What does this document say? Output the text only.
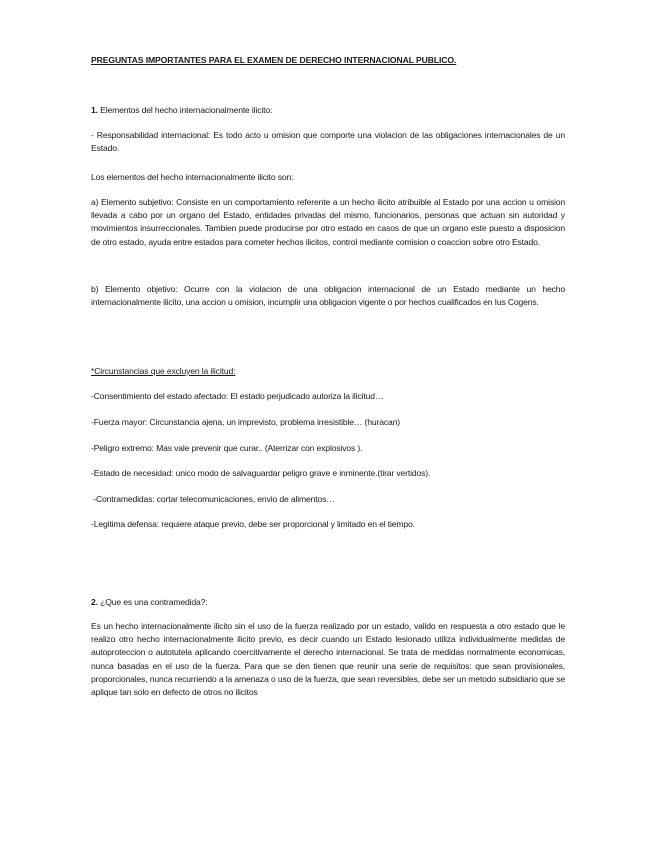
PREGUNTAS IMPORTANTES PARA EL EXAMEN DE DERECHO INTERNACIONAL PUBLICO.
1. Elementos del hecho internacionalmente ilicito:
- Responsabilidad internacional: Es todo acto u omision que comporte una violacion de las obligaciones internacionales de un Estado.
Los elementos del hecho internacionalmente ilicito son:
a) Elemento subjetivo: Consiste en un comportamiento referente a un hecho ilicito atribuible al Estado por una accion u omision llevada a cabo por un organo del Estado, entidades privadas del mismo, funcionarios, personas que actuan sin autoridad y movimientos insurreccionales. Tambien puede producirse por otro estado en casos de que un organo este puesto a disposicion de otro estado, ayuda entre estados para cometer hechos ilicitos, control mediante comision o coaccion sobre otro Estado.
b) Elemento objetivo: Ocurre con la violacion de una obligacion internacional de un Estado mediante un hecho internacionalmente ilicito, una accion u omision, incumplir una obligacion vigente o por hechos cualificados en Ius Cogens.
*Circunstancias que excluyen la ilicitud:
-Consentimiento del estado afectado: El estado perjudicado autoriza la ilicitud…
-Fuerza mayor: Circunstancia ajena, un imprevisto, problema irresistible… (huracan)
-Peligro extremo: Mas vale prevenir que curar.. (Aterrizar con explosivos ).
-Estado de necesidad: unico modo de salvaguardar peligro grave e inminente.(tirar vertidos).
-Contramedidas: cortar telecomunicaciones, envio de alimentos…
-Legitima defensa: requiere ataque previo, debe ser proporcional y limitado en el tiempo.
2. ¿Que es una contramedida?:
Es un hecho internacionalmente ilicito sin el uso de la fuerza realizado por un estado, valido en respuesta a otro estado que le realizo otro hecho internacionalmente ilicito previo, es decir cuando un Estado lesionado utiliza individualmente medidas de autoproteccion o autotutela aplicando coercitivamente el derecho internacional. Se trata de medidas normalmente economicas, nunca basadas en el uso de la fuerza. Para que se den tienen que reunir una serie de requisitos: que sean provisionales, proporcionales, nunca recurriendo a la amenaza o uso de la fuerza, que sean reversibles, debe ser un metodo subsidiario que se aplique tan solo en defecto de otros no ilicitos
